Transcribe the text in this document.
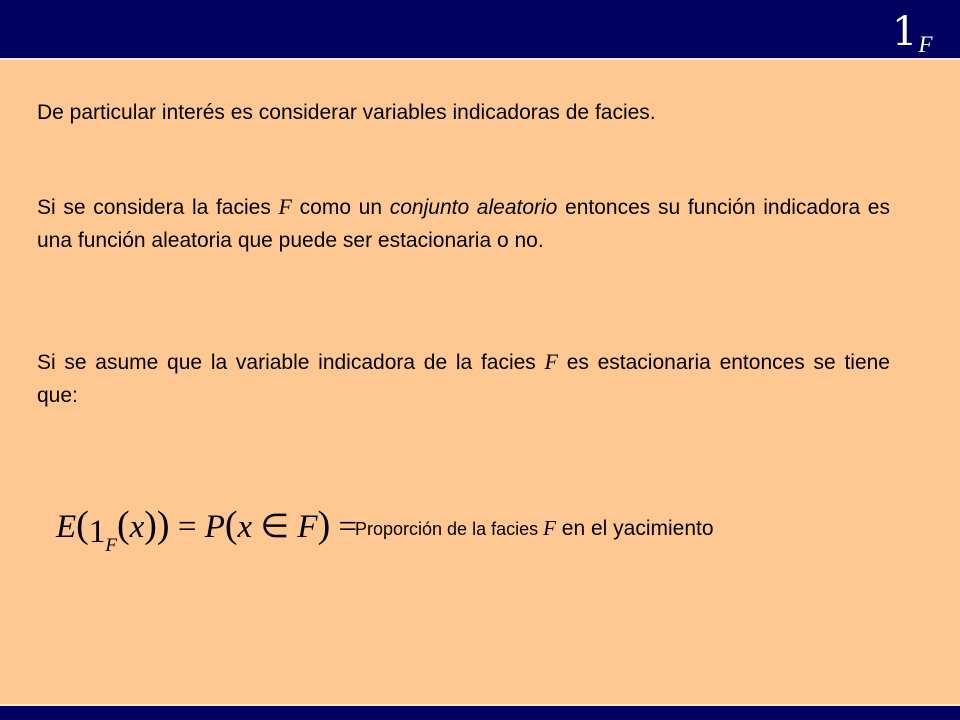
1F

De particular interés es considerar variables indicadoras de facies.

Si se considera la facies F como un conjunto aleatorio entonces su función indicadora es una función aleatoria que puede ser estacionaria o no.

Si se asume que la variable indicadora de la facies F es estacionaria entonces se tiene que:

$E(1_F(x)) = P(x$ ∈ F) =
Proporción de la facies F en el yacimiento
